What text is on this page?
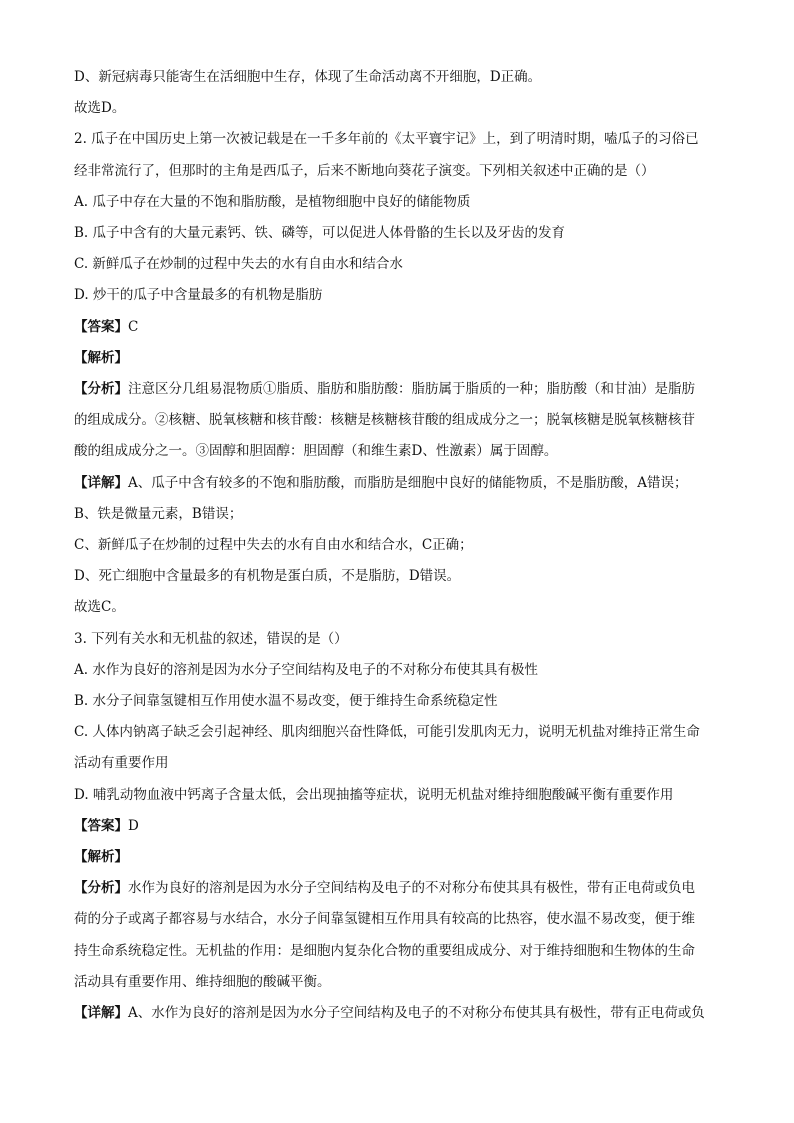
D、新冠病毒只能寄生在活细胞中生存，体现了生命活动离不开细胞，D正确。

故选D。

2. 瓜子在中国历史上第一次被记载是在一千多年前的《太平寰宇记》上，到了明清时期，嗑瓜子的习俗已

经非常流行了，但那时的主角是西瓜子，后来不断地向葵花子演变。下列相关叙述中正确的是（）

A. 瓜子中存在大量的不饱和脂肪酸，是植物细胞中良好的储能物质

B. 瓜子中含有的大量元素钙、铁、磷等，可以促进人体骨骼的生长以及牙齿的发育

C. 新鲜瓜子在炒制的过程中失去的水有自由水和结合水

D. 炒干的瓜子中含量最多的有机物是脂肪

【答案】C

【解析】

【分析】注意区分几组易混物质①脂质、脂肪和脂肪酸：脂肪属于脂质的一种；脂肪酸（和甘油）是脂肪

的组成成分。②核糖、脱氧核糖和核苷酸：核糖是核糖核苷酸的组成成分之一；脱氧核糖是脱氧核糖核苷

酸的组成成分之一。③固醇和胆固醇：胆固醇（和维生素D、性激素）属于固醇。

【详解】A、瓜子中含有较多的不饱和脂肪酸，而脂肪是细胞中良好的储能物质，不是脂肪酸，A错误；

B、铁是微量元素，B错误；

C、新鲜瓜子在炒制的过程中失去的水有自由水和结合水，C正确；

D、死亡细胞中含量最多的有机物是蛋白质，不是脂肪，D错误。

故选C。

3. 下列有关水和无机盐的叙述，错误的是（）

A. 水作为良好的溶剂是因为水分子空间结构及电子的不对称分布使其具有极性

B. 水分子间靠氢键相互作用使水温不易改变，便于维持生命系统稳定性

C. 人体内钠离子缺乏会引起神经、肌肉细胞兴奋性降低，可能引发肌肉无力，说明无机盐对维持正常生命

活动有重要作用

D. 哺乳动物血液中钙离子含量太低，会出现抽搐等症状，说明无机盐对维持细胞酸碱平衡有重要作用

【答案】D

【解析】

【分析】水作为良好的溶剂是因为水分子空间结构及电子的不对称分布使其具有极性，带有正电荷或负电

荷的分子或离子都容易与水结合，水分子间靠氢键相互作用具有较高的比热容，使水温不易改变，便于维

持生命系统稳定性。无机盐的作用：是细胞内复杂化合物的重要组成成分、对于维持细胞和生物体的生命

活动具有重要作用、维持细胞的酸碱平衡。

【详解】A、水作为良好的溶剂是因为水分子空间结构及电子的不对称分布使其具有极性，带有正电荷或负
